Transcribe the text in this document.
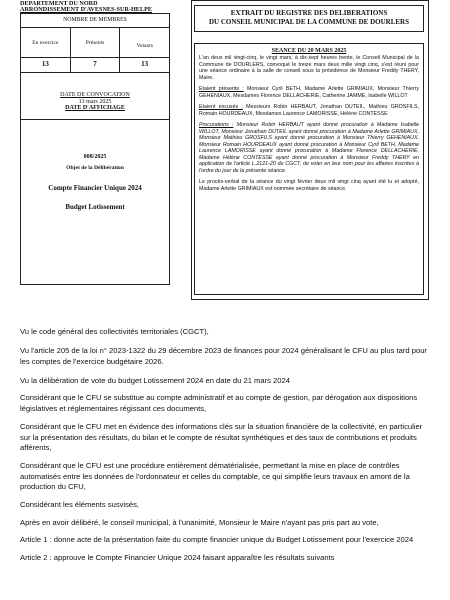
DEPARTEMENT DU NORD
ARRONDISSEMENT D'AVESNES-SUR-HELPE
NOMBRE DE MEMBRES
En exercice	Présents	Votants
13	7	13
DATE DE CONVOCATION
13 mars 2025
DATE D'AFFICHAGE
008/2025
Objet de la Délibération
Compte Financier Unique 2024
Budget Lotissement
EXTRAIT DU REGISTRE DES DELIBERATIONS
DU CONSEIL MUNICIPAL DE LA COMMUNE DE DOURLERS
SEANCE DU 20 MARS 2025

L'an deux mil vingt-cinq, le vingt mars, à dix-sept heures trente, le Conseil Municipal de la Commune de DOURLERS, convoqué le treize mars deux mille vingt cinq, s'est réuni pour une séance ordinaire à la salle de conseil sous la présidence de Monsieur Freddy THERY, Maire.

Etaient présents : Monsieur Cyril BETH, Madame Arlette GRIMIAUX, Monsieur Thierry GEHENIAUX, Mesdames Florence DELLACHERIE, Catherine JAMME, Isabelle WILLOT

Etaient excusés : Messieurs Robin HERBAUT, Jonathan DUTEIL, Mathieu GROSFILS, Romain HOURDEAUX, Mesdames Laurence LAMORISSE, Hélène CONTESSE

Procurations : Monsieur Robin HERBAUT ayant donné procuration à Madame Isabelle WILLOT, Monsieur Jonathan DUTEIL ayant donné procuration à Madame Arlette GRIMIAUX, Monsieur Mathieu GROSFILS ayant donné procuration à Monsieur Thierry GEHENIAUX, Monsieur Romain HOURDEAUX ayant donné procuration à Monsieur Cyril BETH, Madame Laurence LAMORISSE ayant donné procuration à Madame Florence DELLACHERIE, Madame Hélène CONTESSE ayant donné procuration à Monsieur Freddy THERY en application de l'article L.2121-20 du CGCT, de voter en leur nom pour les affaires inscrites à l'ordre du jour de la présente séance.

Le procès-verbal de la séance du vingt février deux mil vingt cinq ayant été lu et adopté, Madame Arlette GRIMIAUX est nommée secrétaire de séance.

Vu le code général des collectivités territoriales (CGCT),

Vu l'article 205 de la loi n° 2023-1322 du 29 décembre 2023 de finances pour 2024 généralisant le CFU au plus tard pour les comptes de l'exercice budgétaire 2026.

Vu la délibération de vote du budget Lotissement 2024 en date du 21 mars 2024

Considérant que le CFU se substitue au compte administratif et au compte de gestion, par dérogation aux dispositions législatives et réglementaires régissant ces documents,

Considérant que le CFU met en évidence des informations clés sur la situation financière de la collectivité, en particulier sur la présentation des résultats, du bilan et le compte de résultat synthétiques et des taux de contributions et produits afférents,

Considérant que le CFU est une procédure entièrement dématérialisée, permettant la mise en place de contrôles automatisés entre les données de l'ordonnateur et celles du comptable, ce qui simplifie leurs travaux en amont de la production du CFU,

Considérant les éléments susvisés,

Après en avoir délibéré, le conseil municipal, à l'unanimité, Monsieur le Maire n'ayant pas pris part au vote,

Article 1 : donne acte de la présentation faite du compte financier unique du Budget Lotissement pour l'exercice 2024

Article 2 : approuve le Compte Financier Unique 2024 faisant apparaître les résultats suivants
